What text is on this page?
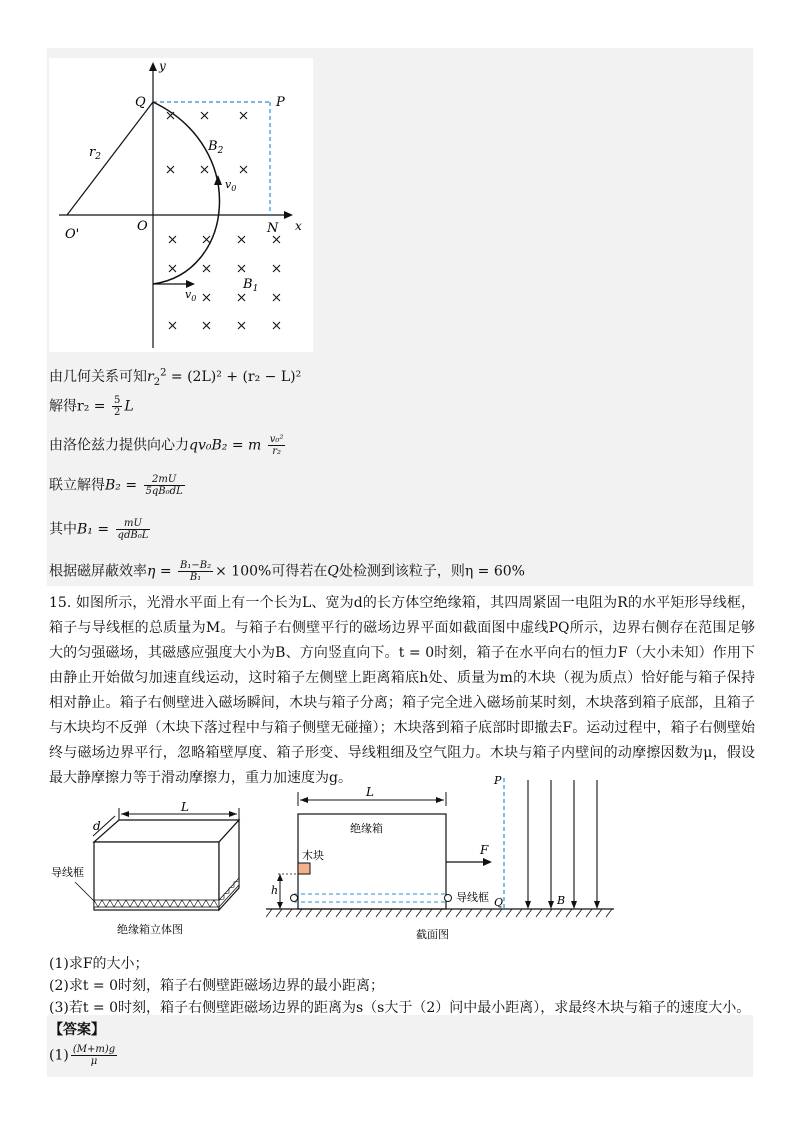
y
x
Q	P
O
O'	N
$r_2$
$B_2$
$B_1$
$v_0$
$v_0$
由几何关系可知$r_2^2 = (2L)^2 + (r_2 - L)^2$
解得$r_2 = \frac{5}{2}$ L
由洛伦兹力提供向心力qv₀B₂ = m $\frac{\text{v₀²}}{\text{r₂}}$
联立解得$B_2 = \frac{2mU}{\text{5qB₀dL}}$
其中$B_1 = \frac{mU}{\text{qdB₀L}}$
根据磁屏蔽效率$\eta = \frac{\text{B₁−B₂}}{\text{B₁}} \times 100\%$可得若在Q处检测到该粒子，则η = 60%
15. 如图所示，光滑水平面上有一个长为L、宽为d的长方体空绝缘箱，其四周紧固一电阻为R的水平矩形导线框，箱子与导线框的总质量为M。与箱子右侧壁平行的磁场边界平面如截面图中虚线PQ所示，边界右侧存在范围足够大的匀强磁场，其磁感应强度大小为B、方向竖直向下。t = 0时刻，箱子在水平向右的恒力F（大小未知）作用下由静止开始做匀加速直线运动，这时箱子左侧壁上距离箱底h处、质量为m的木块（视为质点）恰好能与箱子保持相对静止。箱子右侧壁进入磁场瞬间，木块与箱子分离；箱子完全进入磁场前某时刻，木块落到箱子底部，且箱子与木块均不反弹（木块下落过程中与箱子侧壁无碰撞）；木块落到箱子底部时即撤去F。运动过程中，箱子右侧壁始终与磁场边界平行，忽略箱壁厚度、箱子形变、导线粗细及空气阻力。木块与箱子内壁间的动摩擦因数为μ，假设最大静摩擦力等于滑动摩擦力，重力加速度为g。
L
d
导线框
绝缘箱立体图
L
绝缘箱
木块
h
F
导线框
P
Q	B
截面图
(1)求F的大小；
(2)求t = 0时刻，箱子右侧壁距磁场边界的最小距离；
(3)若t = 0时刻，箱子右侧壁距磁场边界的距离为s（s大于（2）问中最小距离），求最终木块与箱子的速度大小。
【答案】
$(1) \frac{(M+m)g}{\mu}$
